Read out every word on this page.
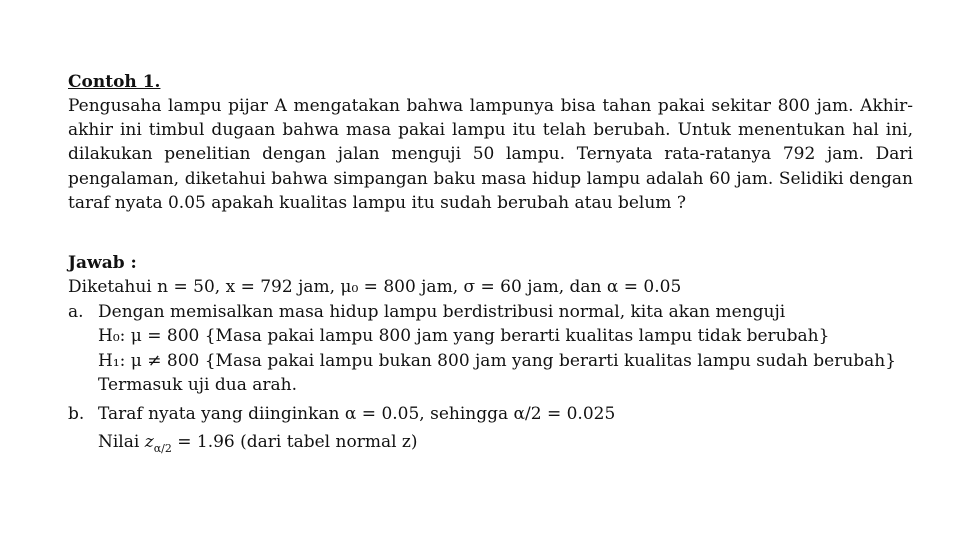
Contoh 1.
Pengusaha lampu pijar A mengatakan bahwa lampunya bisa tahan pakai sekitar 800 jam. Akhir-akhir ini timbul dugaan bahwa masa pakai lampu itu telah berubah. Untuk menentukan hal ini, dilakukan penelitian dengan jalan menguji 50 lampu. Ternyata rata-ratanya 792 jam. Dari pengalaman, diketahui bahwa simpangan baku masa hidup lampu adalah 60 jam. Selidiki dengan taraf nyata 0.05 apakah kualitas lampu itu sudah berubah atau belum ?
Jawab :
Diketahui n = 50, x = 792 jam, μ₀ = 800 jam, σ = 60 jam, dan α = 0.05
a. Dengan memisalkan masa hidup lampu berdistribusi normal, kita akan menguji
H₀: μ = 800 {Masa pakai lampu 800 jam yang berarti kualitas lampu tidak berubah}
H₁: μ ≠ 800 {Masa pakai lampu bukan 800 jam yang berarti kualitas lampu sudah berubah}
Termasuk uji dua arah.
b. Taraf nyata yang diinginkan α = 0.05, sehingga α/2 = 0.025
Nilai $z_{\alpha/2} = 1.96$ (dari tabel normal z)
